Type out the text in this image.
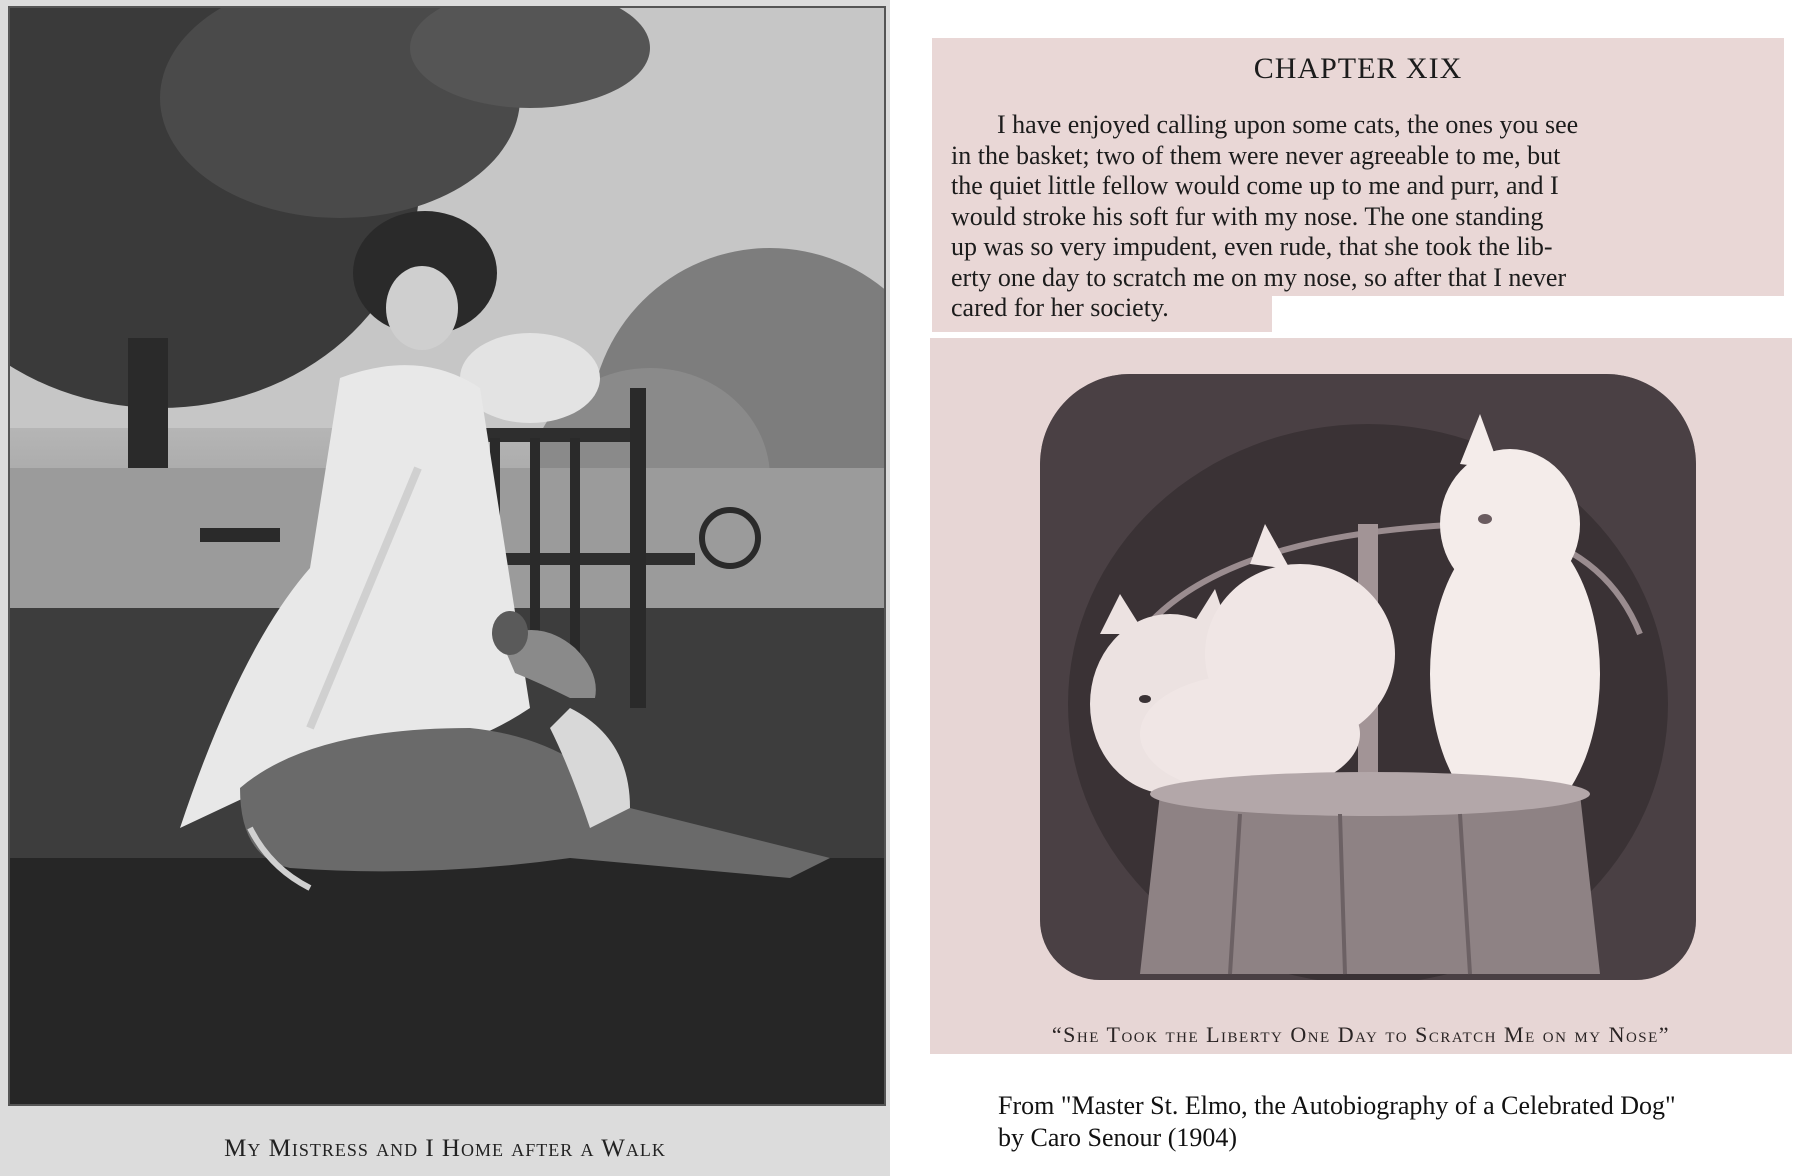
My Mistress and I Home after a Walk
CHAPTER XIX
I have enjoyed calling upon some cats, the ones you see
in the basket; two of them were never agreeable to me, but
the quiet little fellow would come up to me and purr, and I
would stroke his soft fur with my nose. The one standing
up was so very impudent, even rude, that she took the lib-
erty one day to scratch me on my nose, so after that I never
cared for her society.
“She Took the Liberty One Day to Scratch Me on my Nose”
From "Master St. Elmo, the Autobiography of a Celebrated Dog"
by Caro Senour (1904)
